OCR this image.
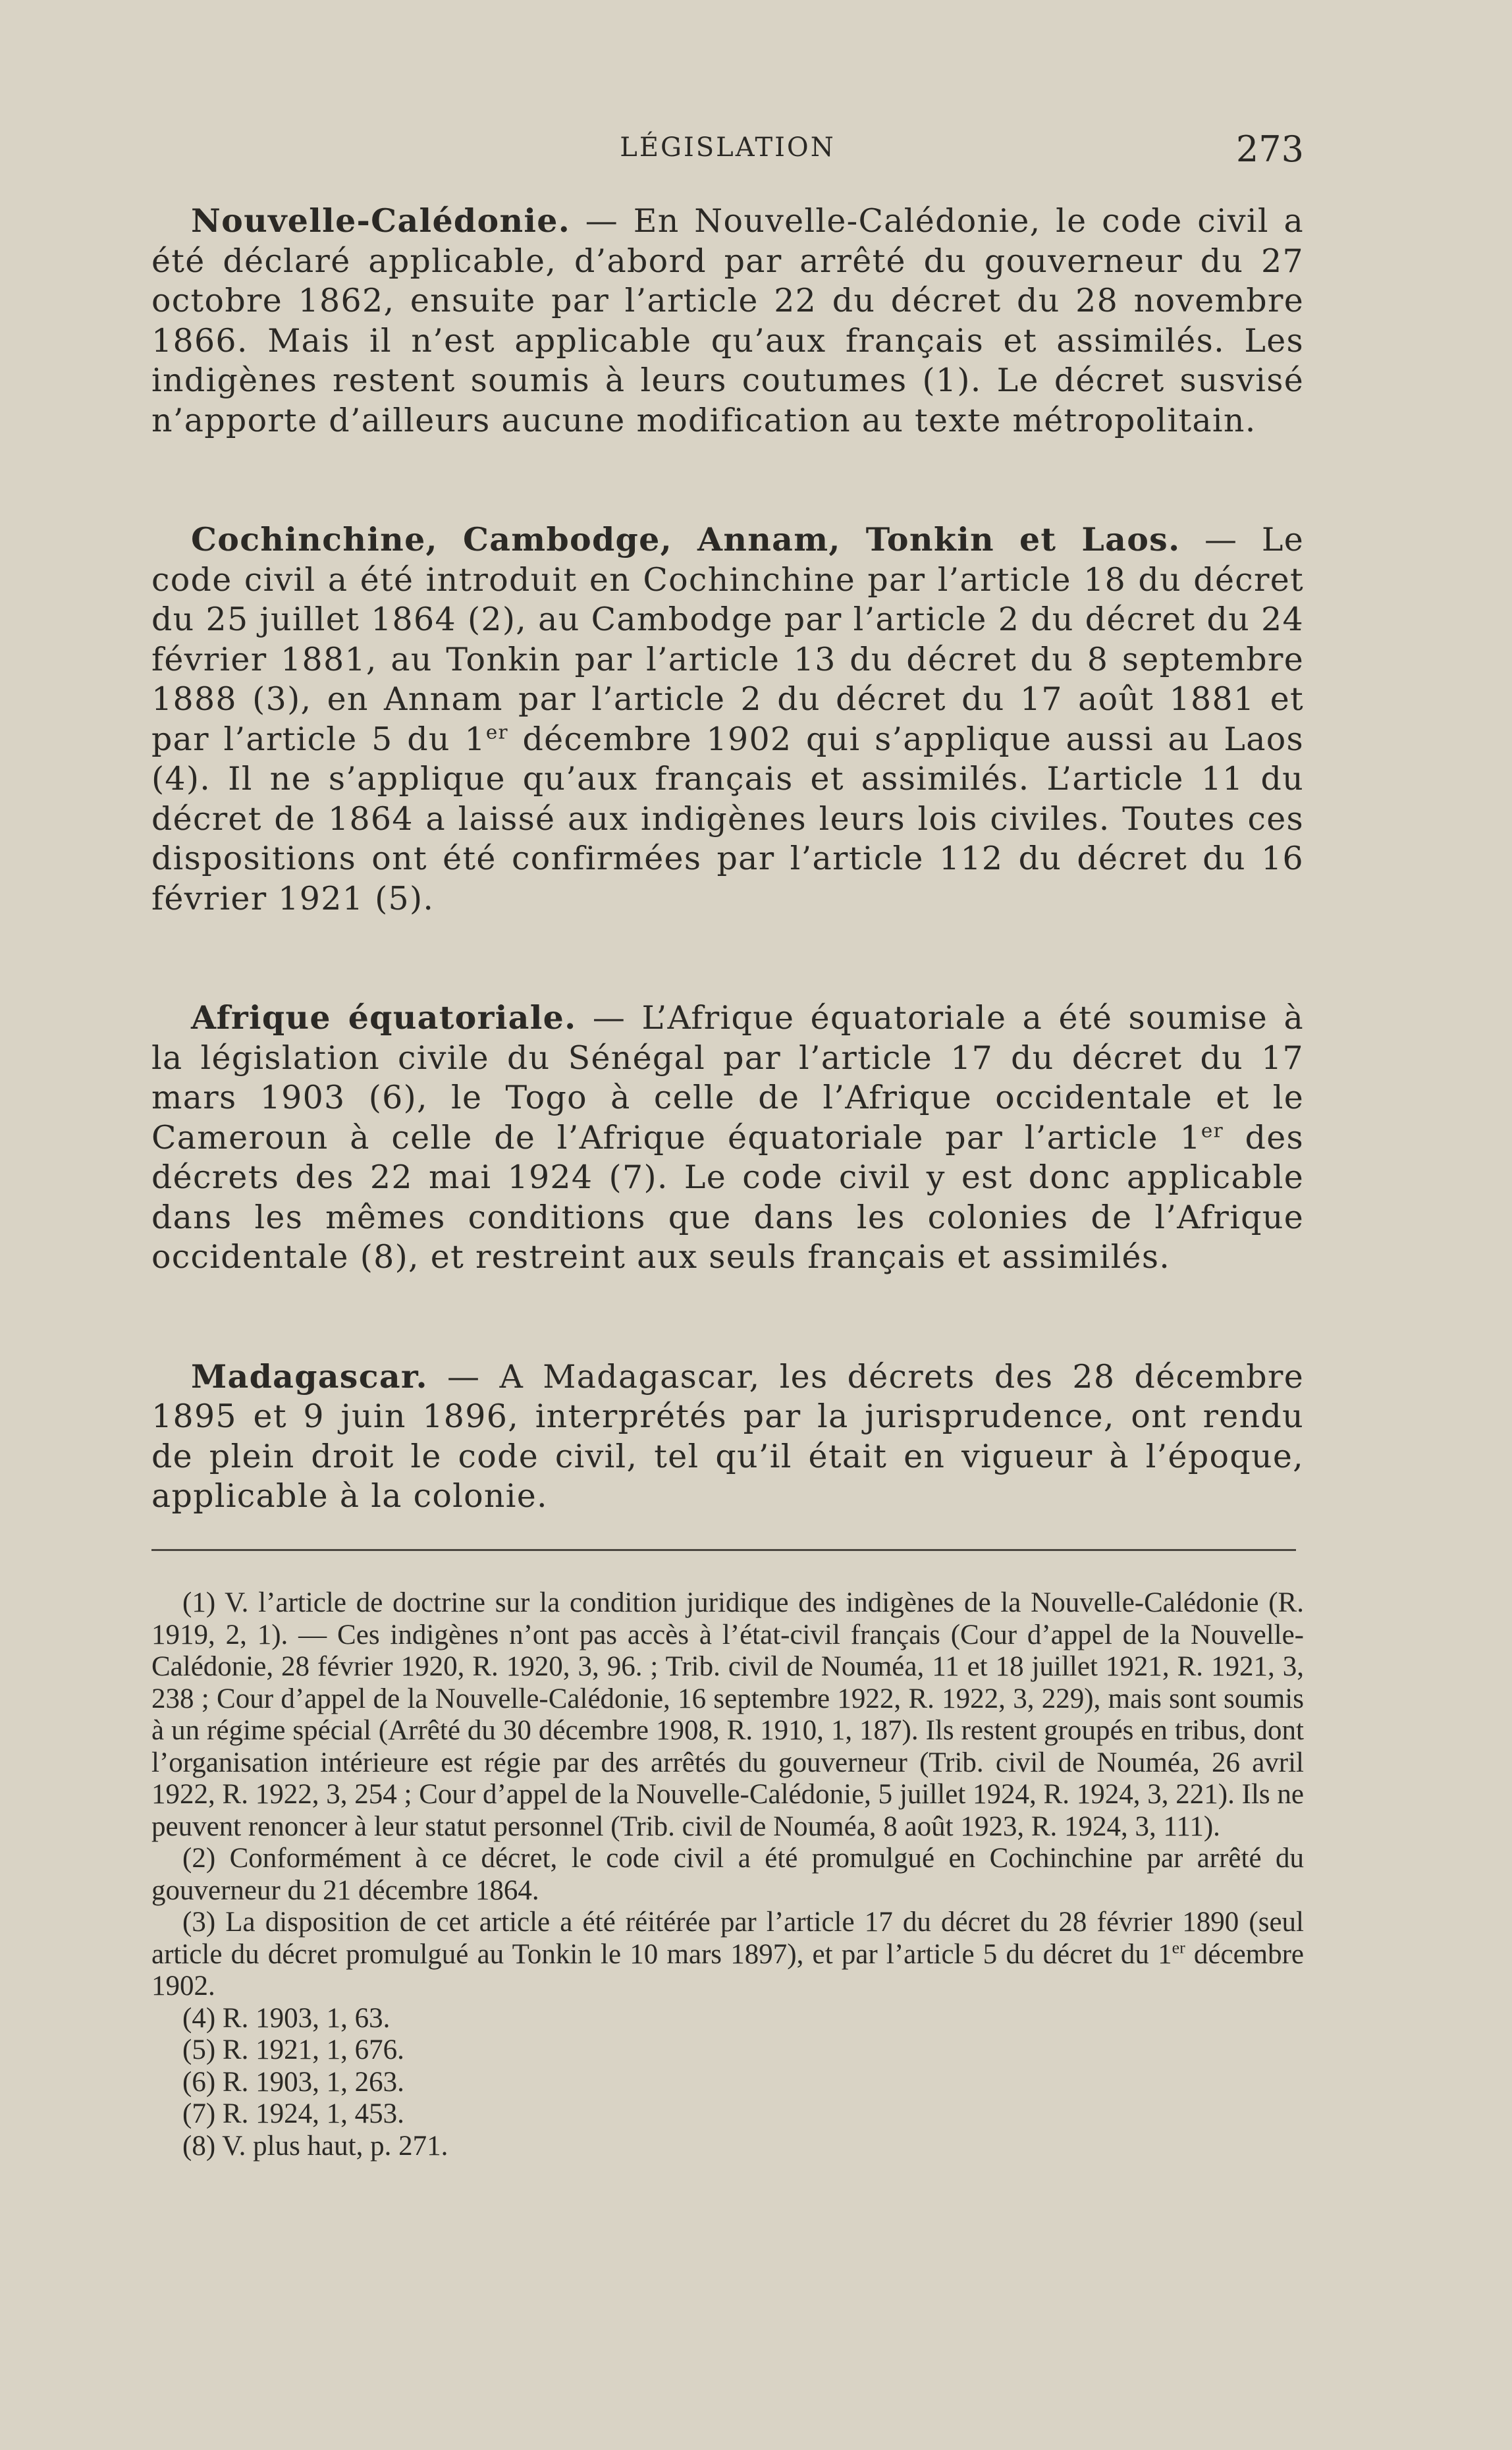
LÉGISLATION	273

Nouvelle-Calédonie. — En Nouvelle-Calédonie, le code civil a été déclaré applicable, d’abord par arrêté du gouverneur du 27 octobre 1862, ensuite par l’article 22 du décret du 28 novembre 1866. Mais il n’est applicable qu’aux français et assimilés. Les indigènes restent soumis à leurs coutumes (1). Le décret susvisé n’apporte d’ailleurs aucune modification au texte métropolitain.

Cochinchine, Cambodge, Annam, Tonkin et Laos. — Le code civil a été introduit en Cochinchine par l’article 18 du décret du 25 juillet 1864 (2), au Cambodge par l’article 2 du décret du 24 février 1881, au Tonkin par l’article 13 du décret du 8 septembre 1888 (3), en Annam par l’article 2 du décret du 17 août 1881 et par l’article 5 du 1er décembre 1902 qui s’applique aussi au Laos (4). Il ne s’applique qu’aux français et assimilés. L’article 11 du décret de 1864 a laissé aux indigènes leurs lois civiles. Toutes ces dispositions ont été confirmées par l’article 112 du décret du 16 février 1921 (5).

Afrique équatoriale. — L’Afrique équatoriale a été soumise à la législation civile du Sénégal par l’article 17 du décret du 17 mars 1903 (6), le Togo à celle de l’Afrique occidentale et le Cameroun à celle de l’Afrique équatoriale par l’article 1er des décrets des 22 mai 1924 (7). Le code civil y est donc applicable dans les mêmes conditions que dans les colonies de l’Afrique occidentale (8), et restreint aux seuls français et assimilés.

Madagascar. — A Madagascar, les décrets des 28 décembre 1895 et 9 juin 1896, interprétés par la jurisprudence, ont rendu de plein droit le code civil, tel qu’il était en vigueur à l’époque, applicable à la colonie.

(1) V. l’article de doctrine sur la condition juridique des indigènes de la Nouvelle-Calédonie (R. 1919, 2, 1). — Ces indigènes n’ont pas accès à l’état-civil français (Cour d’appel de la Nouvelle-Calédonie, 28 février 1920, R. 1920, 3, 96. ; Trib. civil de Nouméa, 11 et 18 juillet 1921, R. 1921, 3, 238 ; Cour d’appel de la Nouvelle-Calédonie, 16 septembre 1922, R. 1922, 3, 229), mais sont soumis à un régime spécial (Arrêté du 30 décembre 1908, R. 1910, 1, 187). Ils restent groupés en tribus, dont l’organisation intérieure est régie par des arrêtés du gouverneur (Trib. civil de Nouméa, 26 avril 1922, R. 1922, 3, 254 ; Cour d’appel de la Nouvelle-Calédonie, 5 juillet 1924, R. 1924, 3, 221). Ils ne peuvent renoncer à leur statut personnel (Trib. civil de Nouméa, 8 août 1923, R. 1924, 3, 111).

(2) Conformément à ce décret, le code civil a été promulgué en Cochinchine par arrêté du gouverneur du 21 décembre 1864.

(3) La disposition de cet article a été réitérée par l’article 17 du décret du 28 février 1890 (seul article du décret promulgué au Tonkin le 10 mars 1897), et par l’article 5 du décret du 1er décembre 1902.

(4) R. 1903, 1, 63.

(5) R. 1921, 1, 676.

(6) R. 1903, 1, 263.

(7) R. 1924, 1, 453.

(8) V. plus haut, p. 271.
